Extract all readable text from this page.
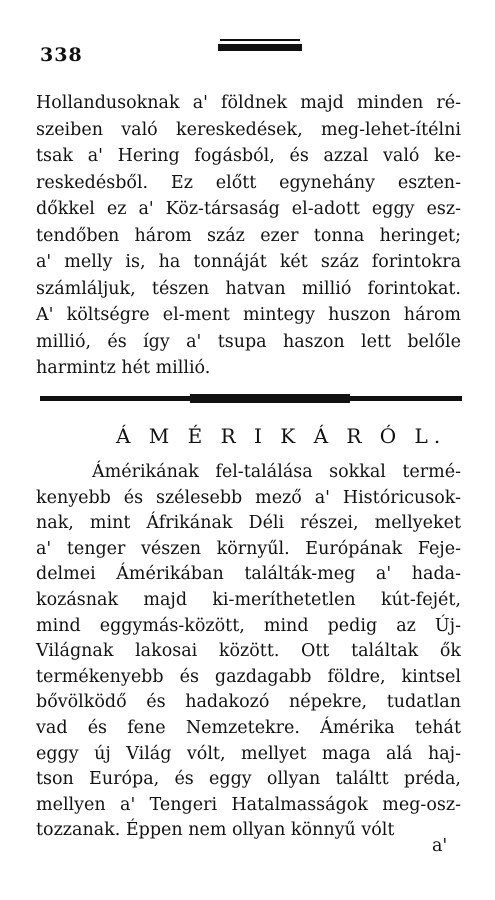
338
Hollandusoknak a' földnek majd minden ré-
szeiben való kereskedések, meg-lehet-ítélni
tsak a' Hering fogásból, és azzal való ke-
reskedésből. Ez előtt egynehány eszten-
dőkkel ez a' Köz-társaság el-adott eggy esz-
tendőben három száz ezer tonna heringet;
a' melly is, ha tonnáját két száz forintokra
számláljuk, tészen hatvan millió forintokat.
A' költségre el-ment mintegy huszon három
millió, és így a' tsupa haszon lett belőle
harmintz hét millió.
Á M É R I K Á R Ó L.
Ámérikának fel-találása sokkal termé-
kenyebb és szélesebb mező a' Históricusok-
nak, mint Áfrikának Déli részei, mellyeket
a' tenger vészen környűl. Európának Feje-
delmei Ámérikában találták-meg a' hada-
kozásnak majd ki-meríthetetlen kút-fejét,
mind eggymás-között, mind pedig az Új-
Világnak lakosai között. Ott találtak ők
termékenyebb és gazdagabb földre, kintsel
bővölködő és hadakozó népekre, tudatlan
vad és fene Nemzetekre. Ámérika tehát
eggy új Világ vólt, mellyet maga alá haj-
tson Európa, és eggy ollyan találtt préda,
mellyen a' Tengeri Hatalmasságok meg-osz-
tozzanak. Éppen nem ollyan könnyű vólt
a'
